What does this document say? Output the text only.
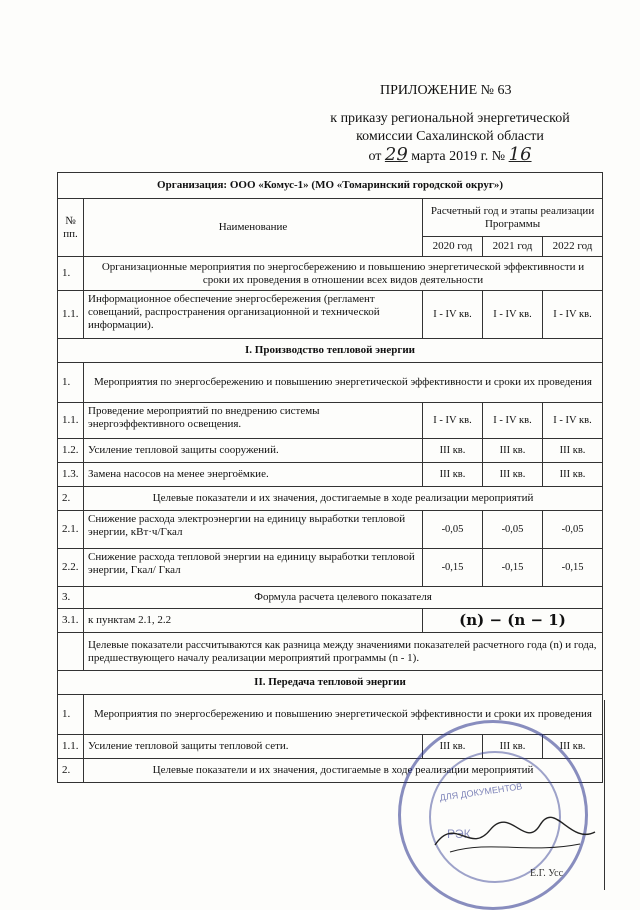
ПРИЛОЖЕНИЕ № 63
к приказу региональной энергетической
комиссии Сахалинской области
от 29 марта 2019 г. № 16
Организация: ООО «Комус-1» (МО «Томаринский городской округ»)				
№ пп.	Наименование	Расчетный год и этапы реализации Программы		
		2020 год	2021 год	2022 год
1.	Организационные мероприятия по энергосбережению и повышению энергетической эффективности и сроки их проведения в отношении всех видов деятельности			
1.1.	Информационное обеспечение энергосбережения (регламент совещаний, распространения организационной и технической информации).	I - IV кв.	I - IV кв.	I - IV кв.
I. Производство тепловой энергии				
1.	Мероприятия по энергосбережению и повышению энергетической эффективности и сроки их проведения			
1.1.	Проведение мероприятий по внедрению системы энергоэффективного освещения.	I - IV кв.	I - IV кв.	I - IV кв.
1.2.	Усиление тепловой защиты сооружений.	III кв.	III кв.	III кв.
1.3.	Замена насосов на менее энергоёмкие.	III кв.	III кв.	III кв.
2.	Целевые показатели и их значения, достигаемые в ходе реализации мероприятий			
2.1.	Снижение расхода электроэнергии на единицу выработки тепловой энергии, кВт·ч/Гкал	-0,05	-0,05	-0,05
2.2.	Снижение расхода тепловой энергии на единицу выработки тепловой энергии, Гкал/ Гкал	-0,15	-0,15	-0,15
3.	Формула расчета целевого показателя			
3.1.	к пунктам 2.1, 2.2	(n) − (n − 1)		
	Целевые показатели рассчитываются как разница между значениями показателей расчетного года (n) и года, предшествующего началу реализации мероприятий программы (n - 1).			
II. Передача тепловой энергии				
1.	Мероприятия по энергосбережению и повышению энергетической эффективности и сроки их проведения			
1.1.	Усиление тепловой защиты тепловой сети.	III кв.	III кв.	III кв.
2.	Целевые показатели и их значения, достигаемые в ходе реализации мероприятий			
ДЛЯ ДОКУМЕНТОВ
РЭК
Е.Г. Усс
